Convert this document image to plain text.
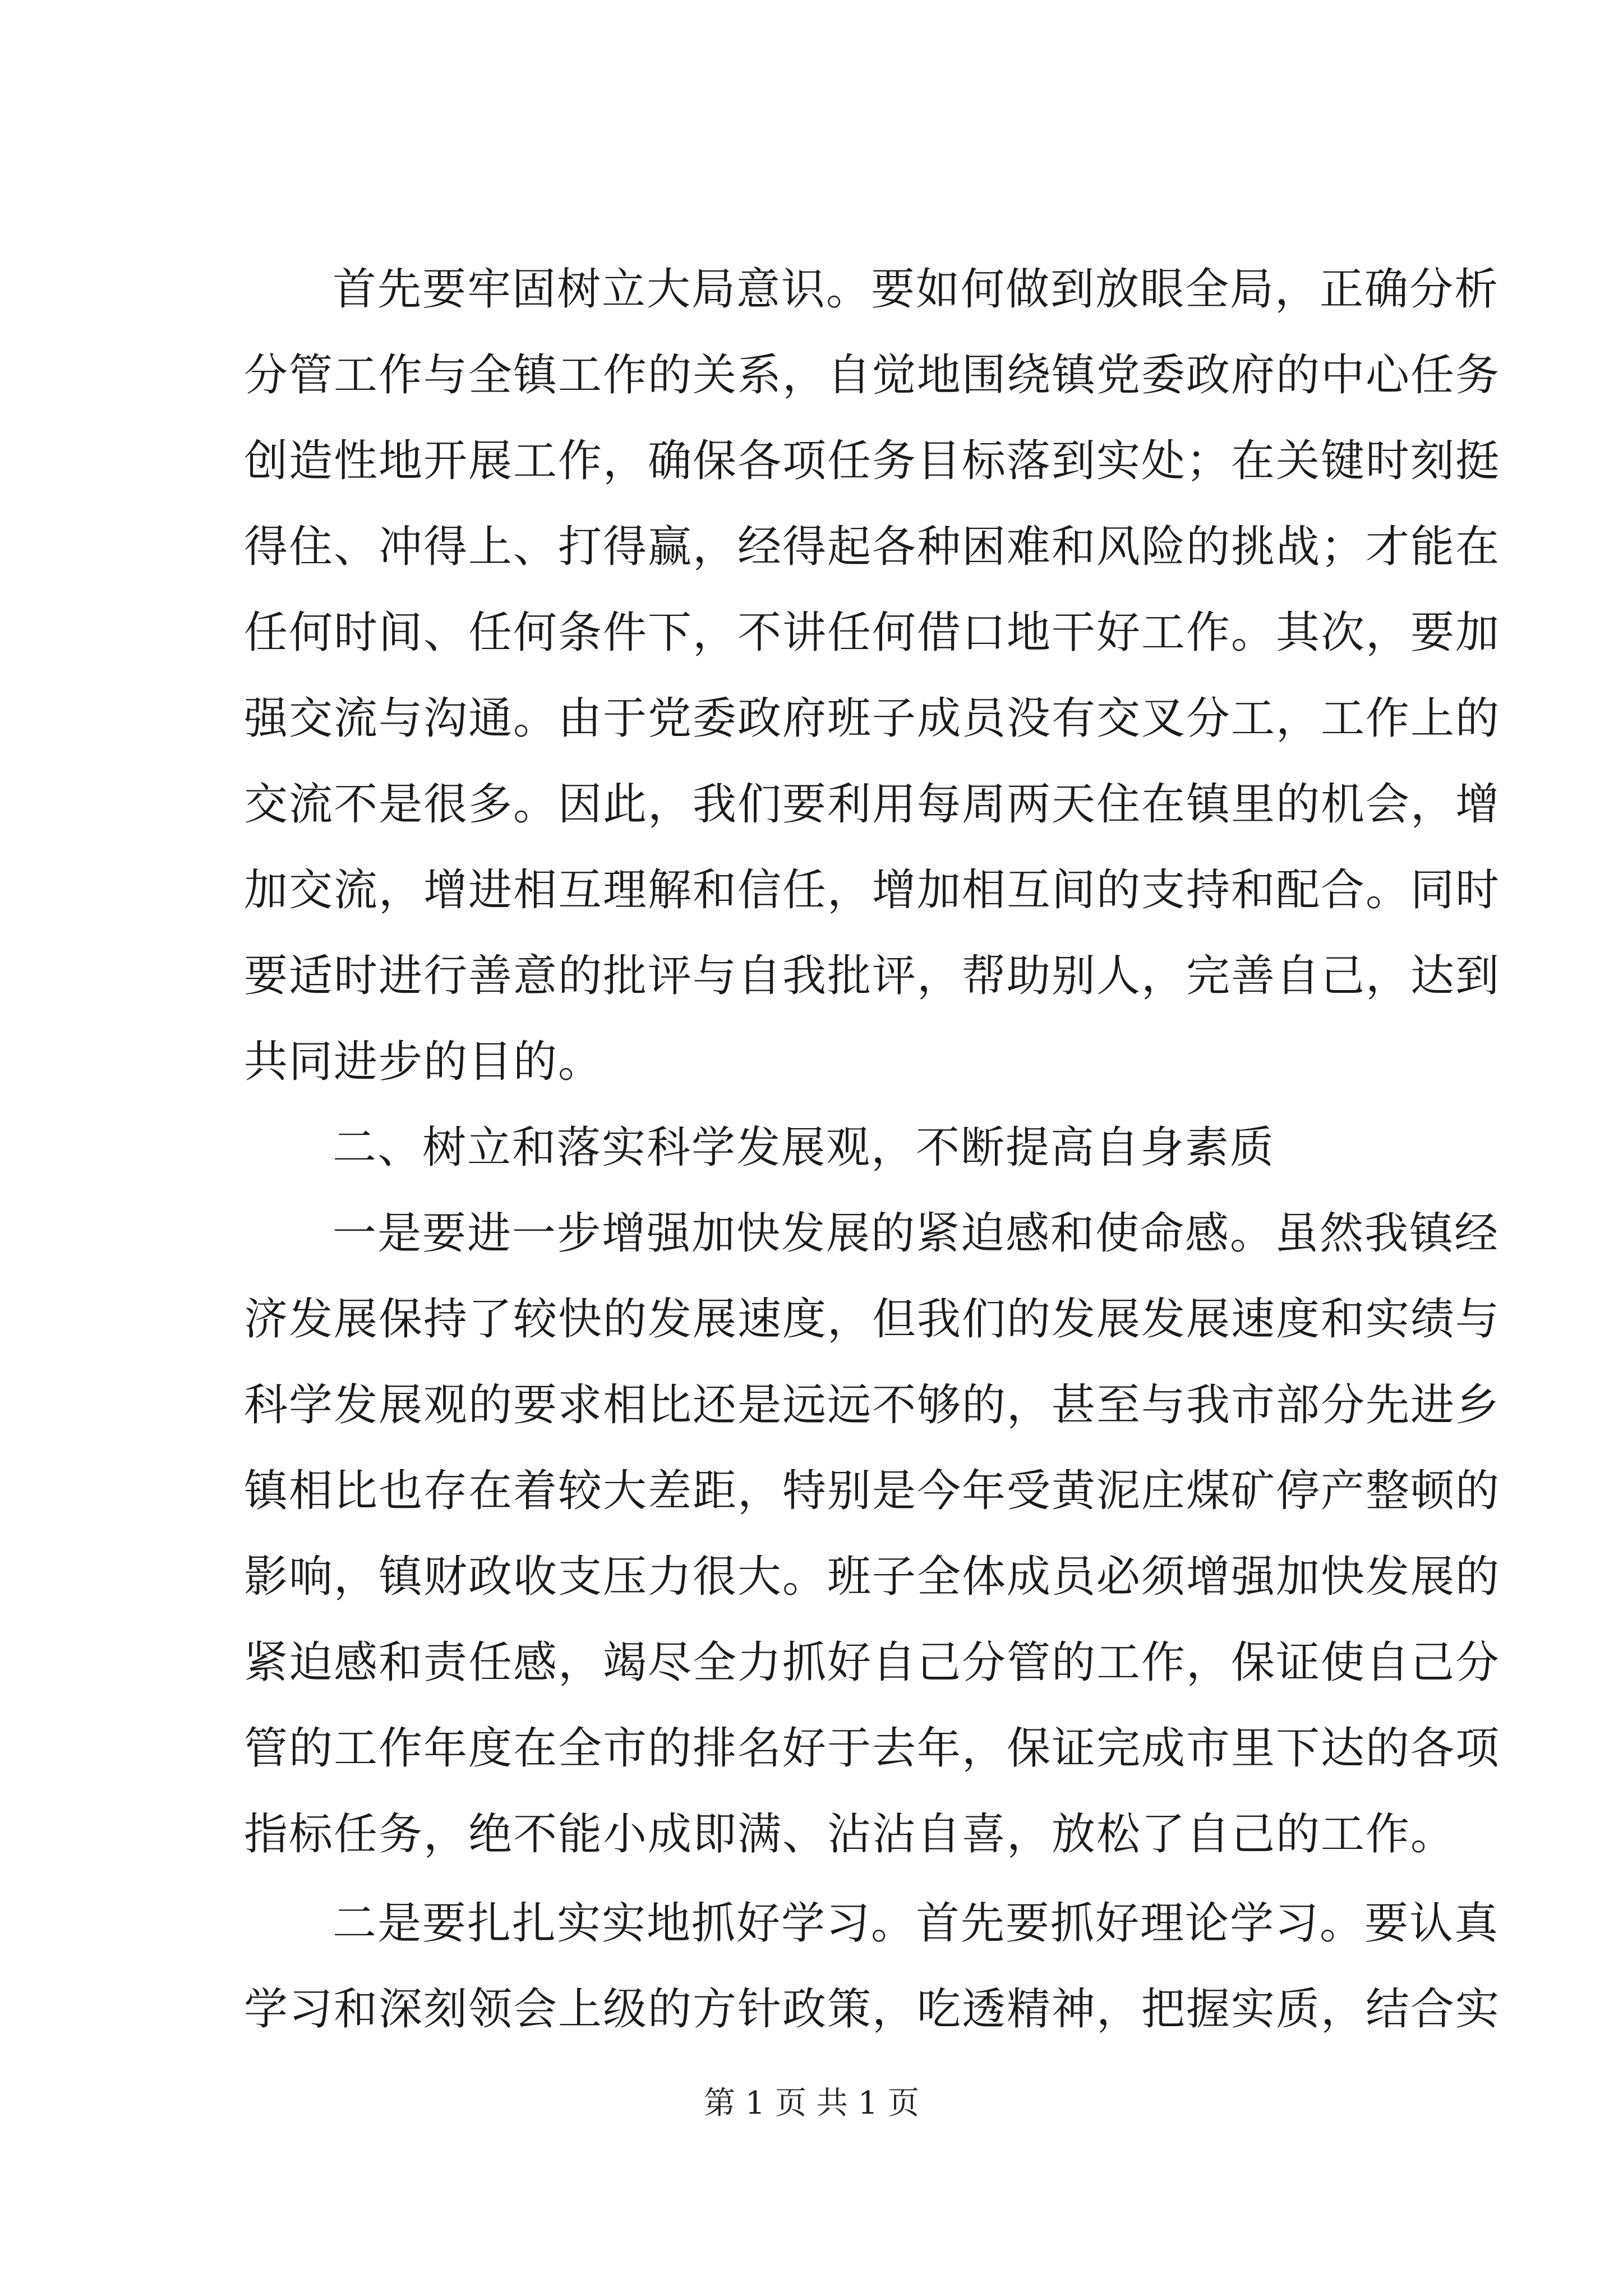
首先要牢固树立大局意识。要如何做到放眼全局，正确分析
分管工作与全镇工作的关系，自觉地围绕镇党委政府的中心任务
创造性地开展工作，确保各项任务目标落到实处；在关键时刻挺
得住、冲得上、打得赢，经得起各种困难和风险的挑战；才能在
任何时间、任何条件下，不讲任何借口地干好工作。其次，要加
强交流与沟通。由于党委政府班子成员没有交叉分工，工作上的
交流不是很多。因此，我们要利用每周两天住在镇里的机会，增
加交流，增进相互理解和信任，增加相互间的支持和配合。同时
要适时进行善意的批评与自我批评，帮助别人，完善自己，达到
共同进步的目的。
二、树立和落实科学发展观，不断提高自身素质
一是要进一步增强加快发展的紧迫感和使命感。虽然我镇经
济发展保持了较快的发展速度，但我们的发展发展速度和实绩与
科学发展观的要求相比还是远远不够的，甚至与我市部分先进乡
镇相比也存在着较大差距，特别是今年受黄泥庄煤矿停产整顿的
影响，镇财政收支压力很大。班子全体成员必须增强加快发展的
紧迫感和责任感，竭尽全力抓好自己分管的工作，保证使自己分
管的工作年度在全市的排名好于去年，保证完成市里下达的各项
指标任务，绝不能小成即满、沾沾自喜，放松了自己的工作。
二是要扎扎实实地抓好学习。首先要抓好理论学习。要认真
学习和深刻领会上级的方针政策，吃透精神，把握实质，结合实
第 1 页 共 1 页
